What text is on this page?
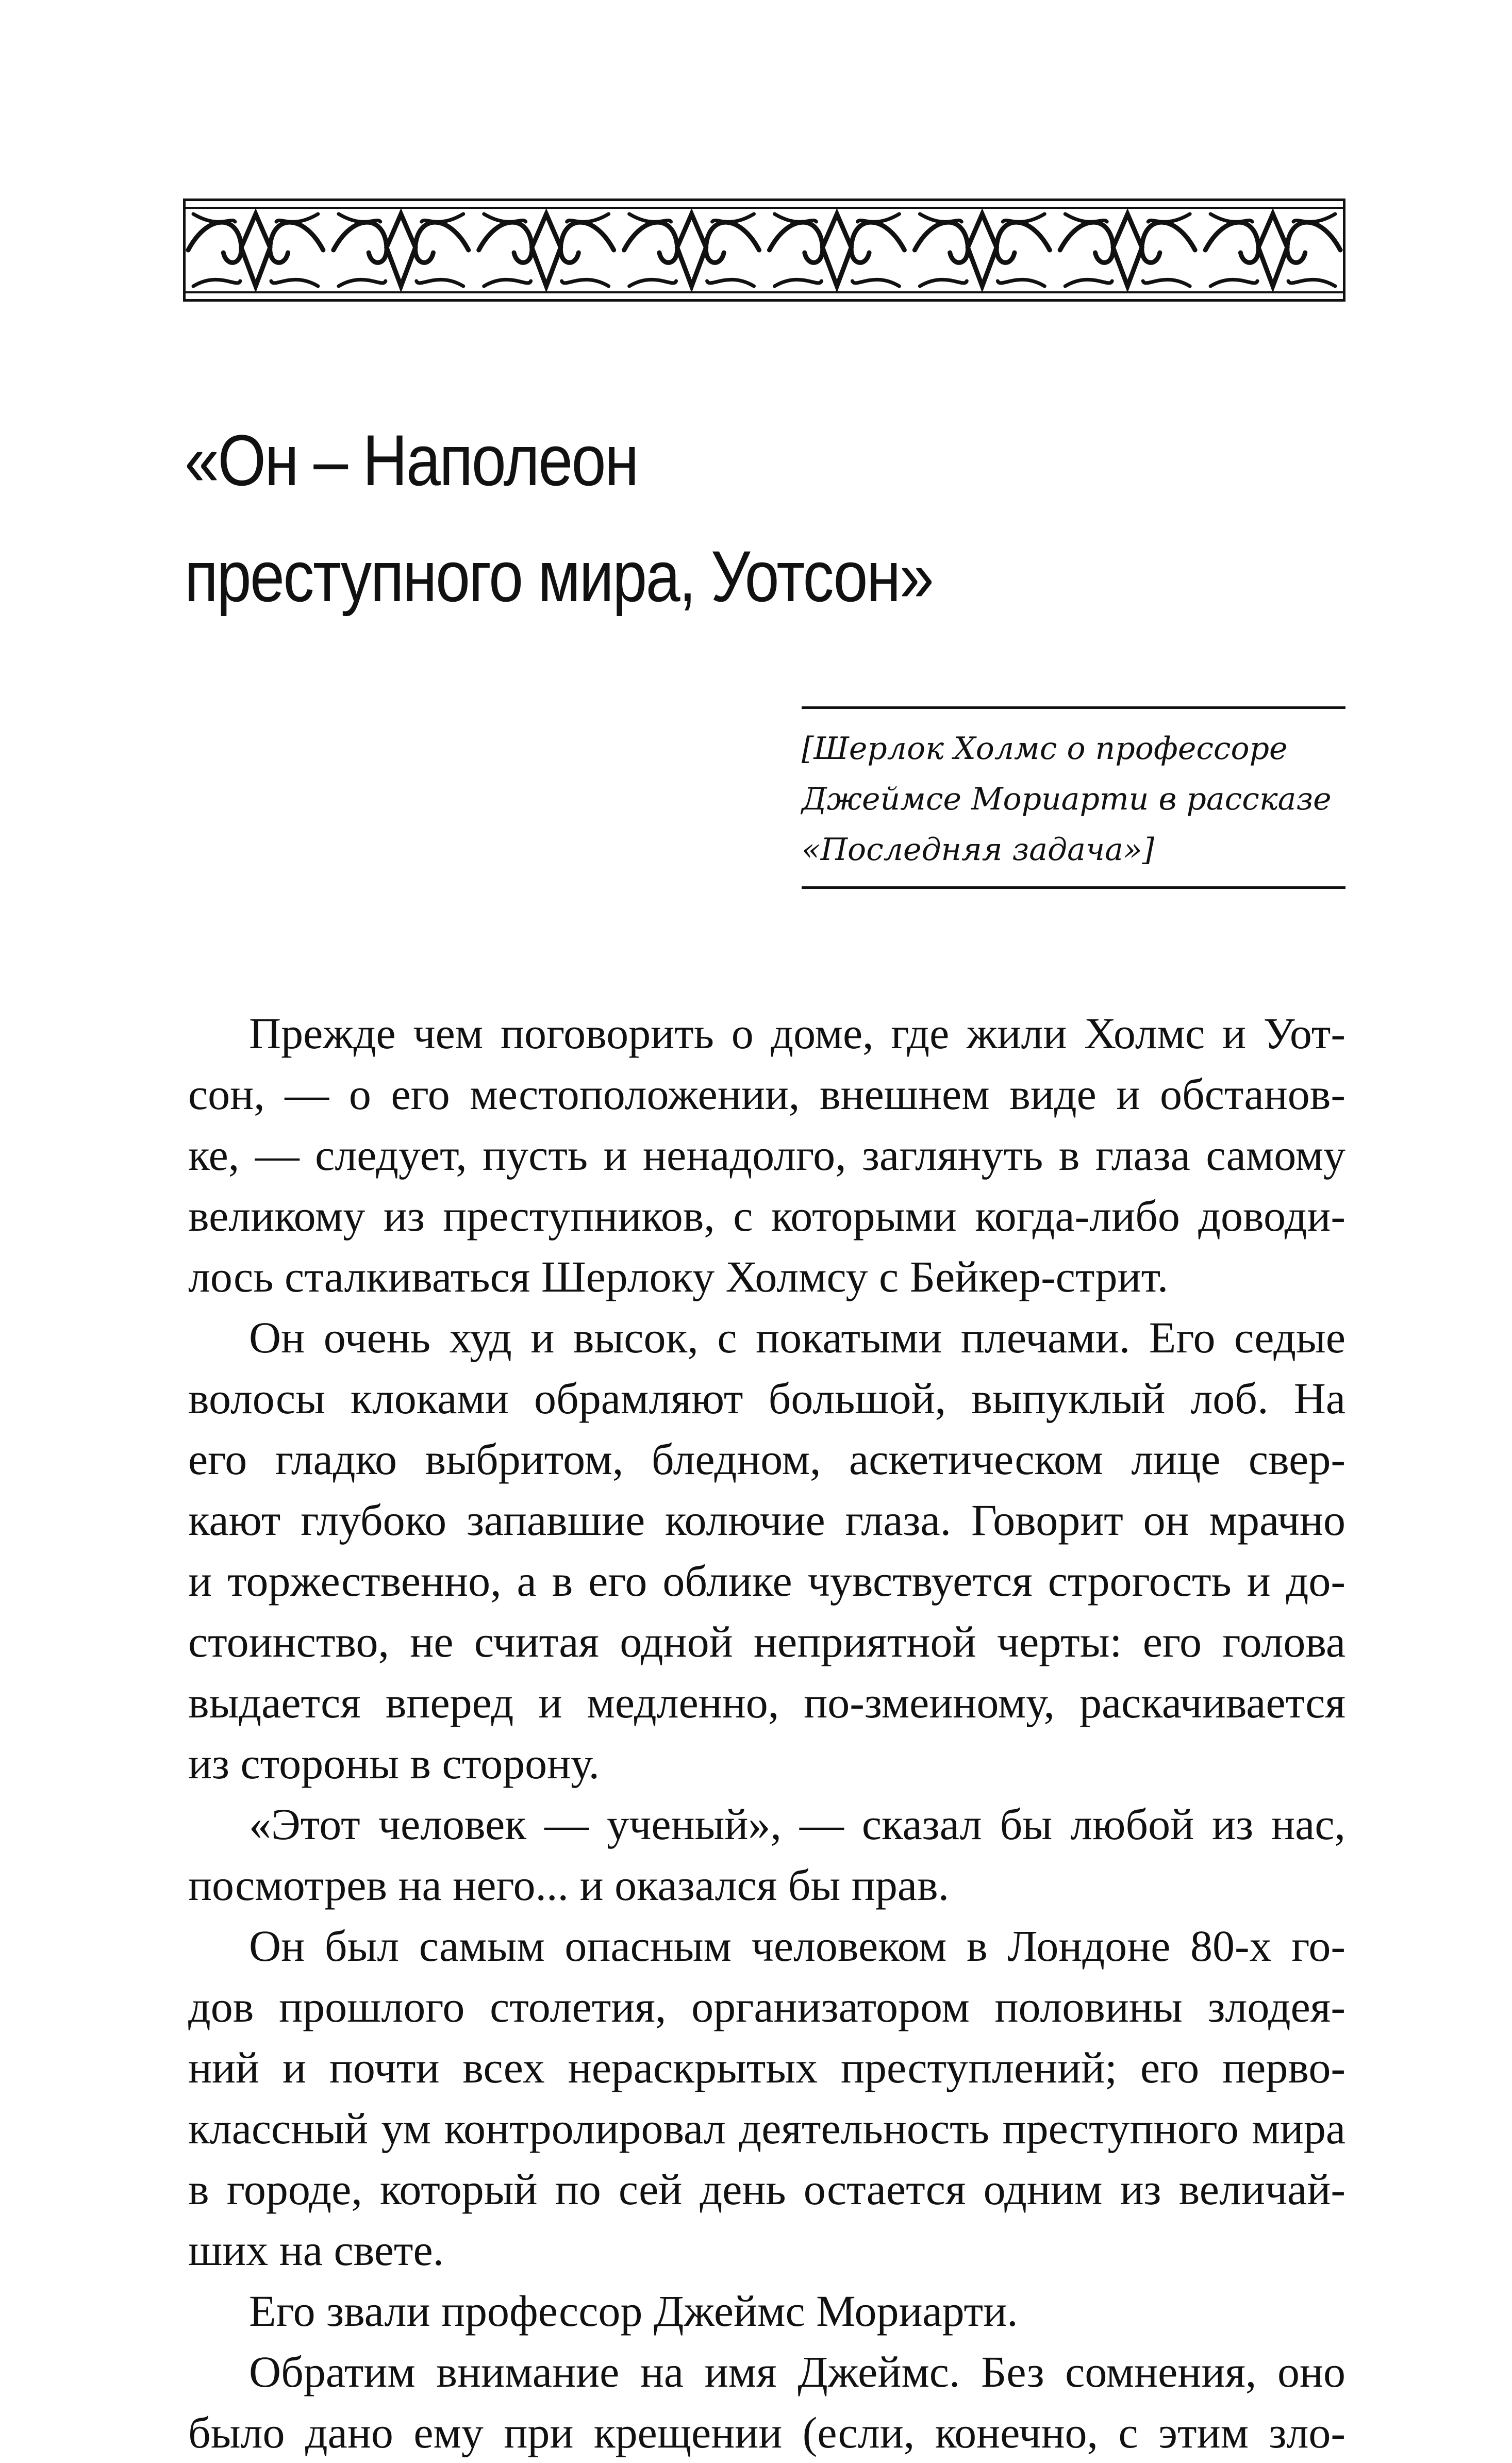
«Он – Наполеон
преступного мира, Уотсон»
[Шерлок Холмс о профессоре
Джеймсе Мориарти в рассказе
«Последняя задача»]
Прежде чем поговорить о доме, где жили Холмс и Уот-
сон, — о его местоположении, внешнем виде и обстанов-
ке, — следует, пусть и ненадолго, заглянуть в глаза самому
великому из преступников, с которыми когда-либо доводи-
лось сталкиваться Шерлоку Холмсу с Бейкер-стрит.
Он очень худ и высок, с покатыми плечами. Его седые
волосы клоками обрамляют большой, выпуклый лоб. На
его гладко выбритом, бледном, аскетическом лице свер-
кают глубоко запавшие колючие глаза. Говорит он мрачно
и торжественно, а в его облике чувствуется строгость и до-
стоинство, не считая одной неприятной черты: его голова
выдается вперед и медленно, по-змеиному, раскачивается
из стороны в сторону.
«Этот человек — ученый», — сказал бы любой из нас,
посмотрев на него... и оказался бы прав.
Он был самым опасным человеком в Лондоне 80-х го-
дов прошлого столетия, организатором половины злодея-
ний и почти всех нераскрытых преступлений; его перво-
классный ум контролировал деятельность преступного мира
в городе, который по сей день остается одним из величай-
ших на свете.
Его звали профессор Джеймс Мориарти.
Обратим внимание на имя Джеймс. Без сомнения, оно
было дано ему при крещении (если, конечно, с этим зло-
